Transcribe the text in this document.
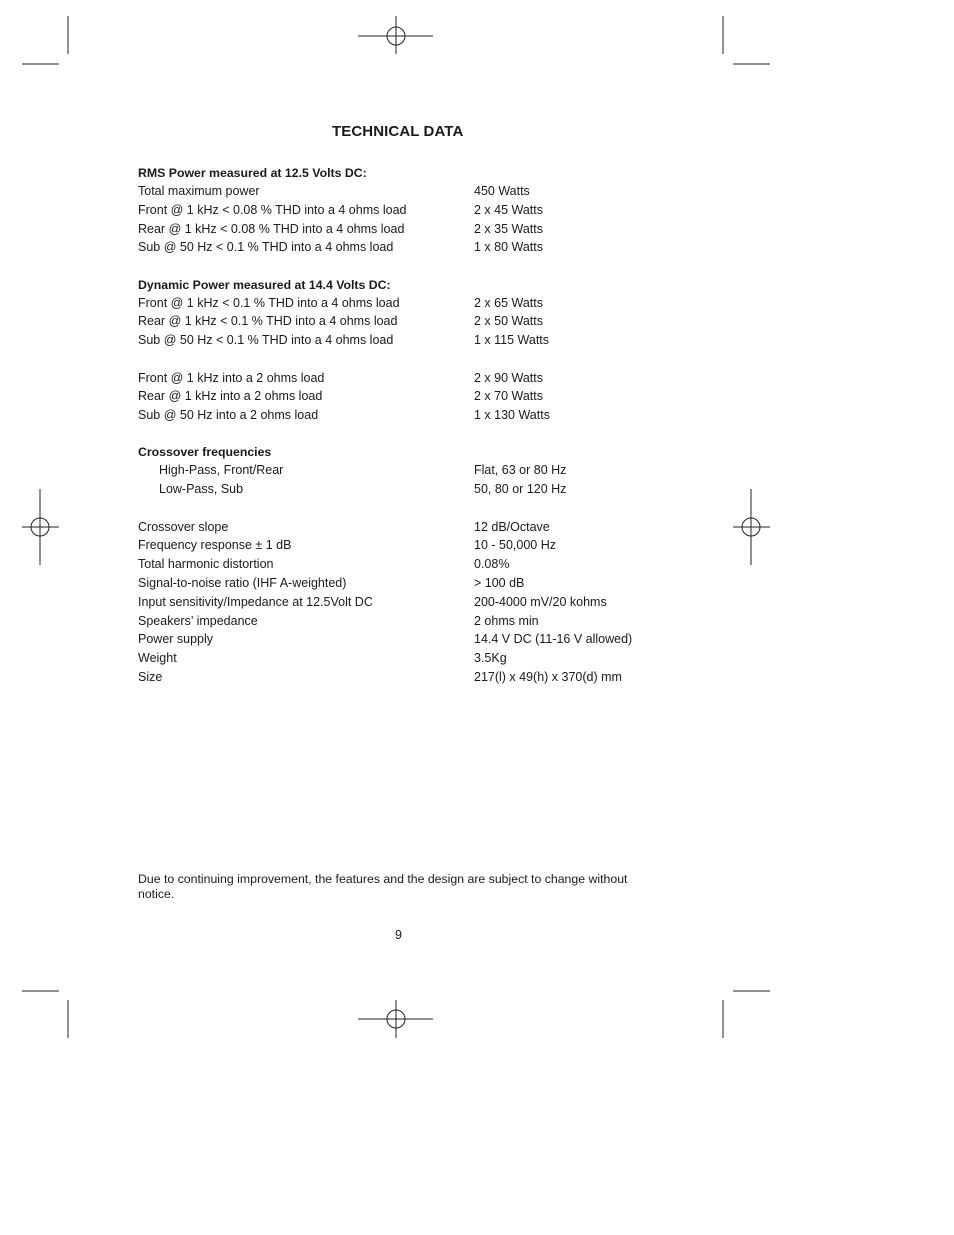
TECHNICAL DATA
RMS Power measured at 12.5 Volts DC:
Total maximum power	450 Watts
Front @ 1 kHz < 0.08 % THD into a 4 ohms load	2 x 45 Watts
Rear @ 1 kHz < 0.08 % THD into a 4 ohms load	2 x 35 Watts
Sub @ 50 Hz < 0.1 % THD into a 4 ohms load	1 x 80 Watts
Dynamic Power measured at 14.4 Volts DC:
Front @ 1 kHz < 0.1 % THD into a 4 ohms load	2 x 65 Watts
Rear @ 1 kHz < 0.1 % THD into a 4 ohms load	2 x 50 Watts
Sub @ 50 Hz < 0.1 % THD into a 4 ohms load	1 x 115 Watts
Front @ 1 kHz into a 2 ohms load	2 x 90 Watts
Rear @ 1 kHz into a 2 ohms load	2 x 70 Watts
Sub @ 50 Hz into a 2 ohms load	1 x 130 Watts
Crossover frequencies
High-Pass, Front/Rear	Flat, 63 or 80 Hz
Low-Pass, Sub	50, 80 or 120 Hz
Crossover slope	12 dB/Octave
Frequency response ± 1 dB	10 - 50,000 Hz
Total harmonic distortion	0.08%
Signal-to-noise ratio (IHF A-weighted)	> 100 dB
Input sensitivity/Impedance at 12.5Volt DC	200-4000 mV/20 kohms
Speakers’ impedance	2 ohms min
Power supply	14.4 V DC (11-16 V allowed)
Weight	3.5Kg
Size	217(l) x 49(h) x 370(d) mm
Due to continuing improvement, the features and the design are subject to change without notice.
9
